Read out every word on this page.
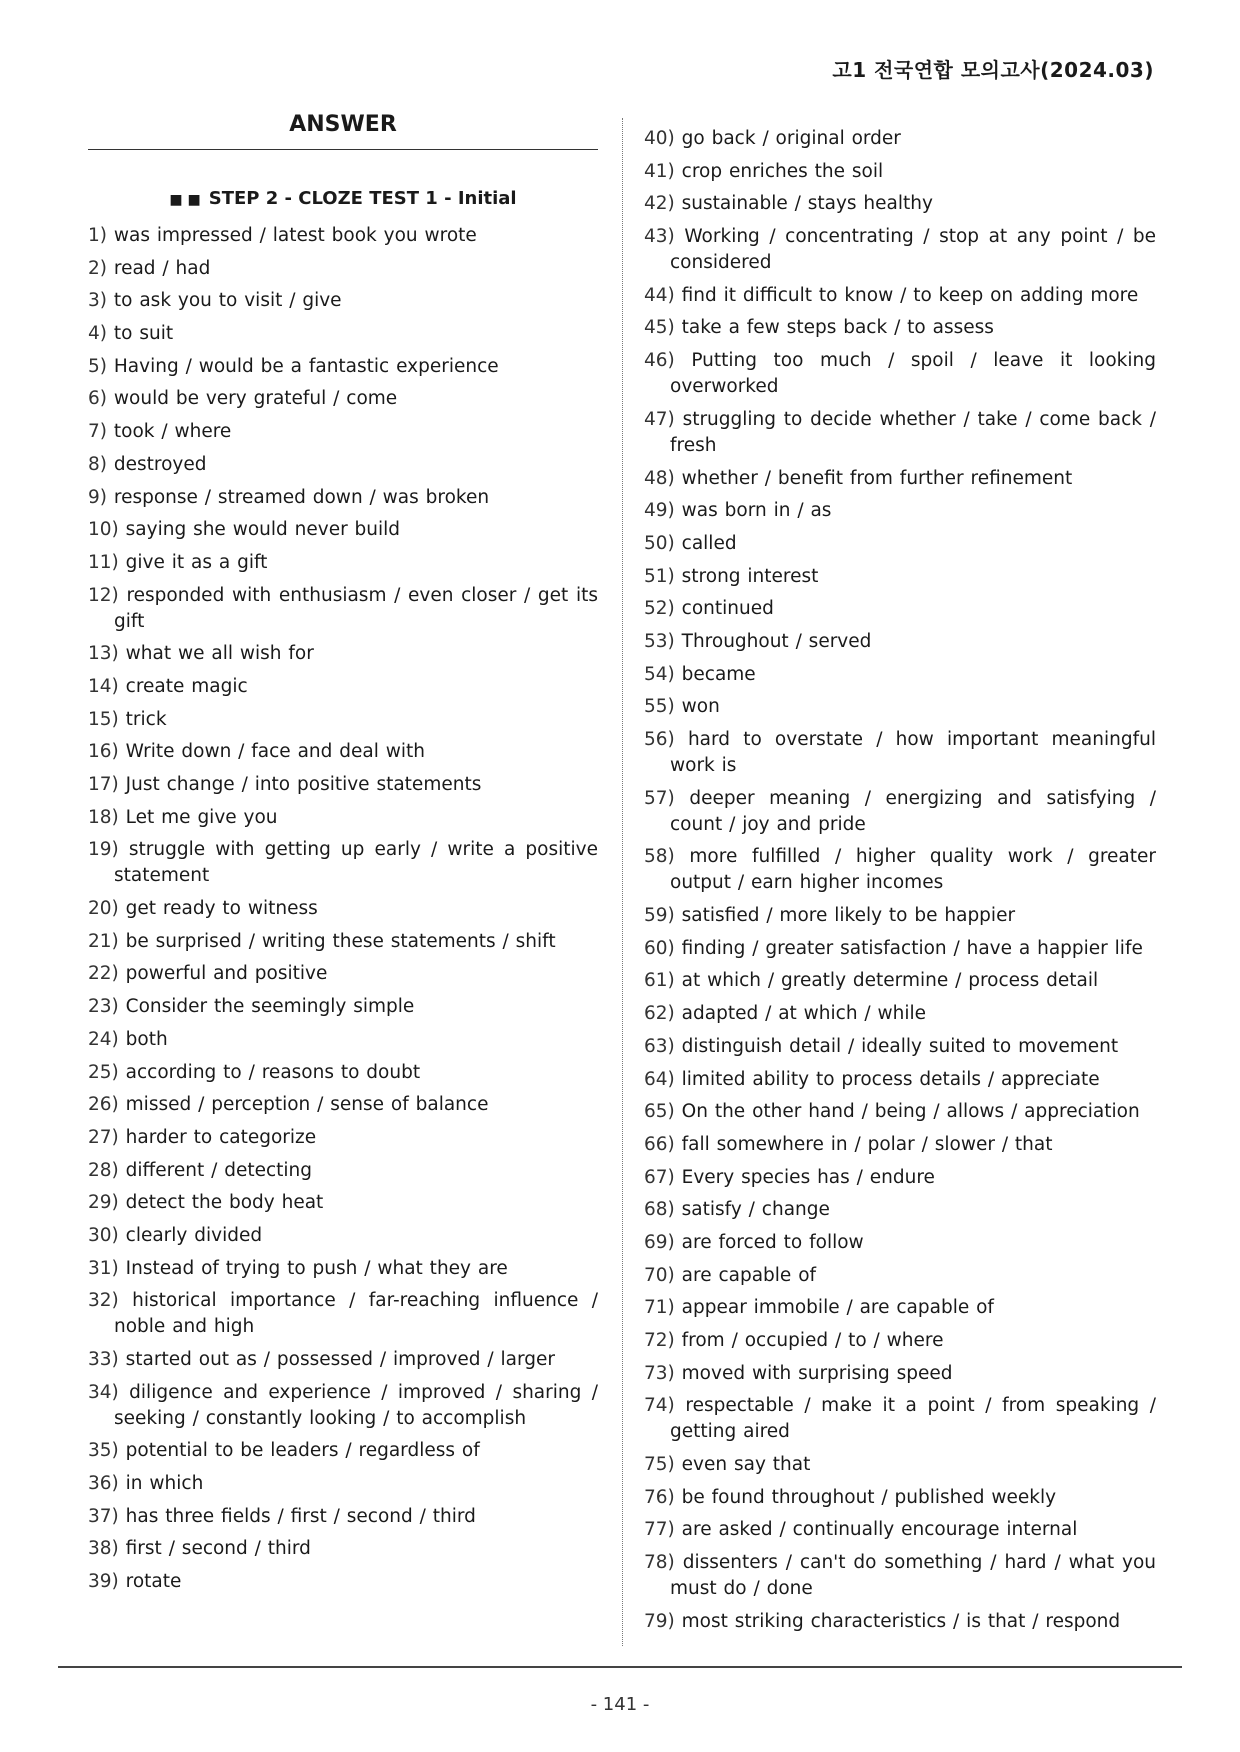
고1 전국연합 모의고사(2024.03)
ANSWER
■ ■ STEP 2 - CLOZE TEST 1 - Initial
1) was impressed / latest book you wrote
2) read / had
3) to ask you to visit / give
4) to suit
5) Having / would be a fantastic experience
6) would be very grateful / come
7) took / where
8) destroyed
9) response / streamed down / was broken
10) saying she would never build
11) give it as a gift
12) responded with enthusiasm / even closer / get its gift
13) what we all wish for
14) create magic
15) trick
16) Write down / face and deal with
17) Just change / into positive statements
18) Let me give you
19) struggle with getting up early / write a positive statement
20) get ready to witness
21) be surprised / writing these statements / shift
22) powerful and positive
23) Consider the seemingly simple
24) both
25) according to / reasons to doubt
26) missed / perception / sense of balance
27) harder to categorize
28) different / detecting
29) detect the body heat
30) clearly divided
31) Instead of trying to push / what they are
32) historical importance / far-reaching influence / noble and high
33) started out as / possessed / improved / larger
34) diligence and experience / improved / sharing / seeking / constantly looking / to accomplish
35) potential to be leaders / regardless of
36) in which
37) has three fields / first / second / third
38) first / second / third
39) rotate
40) go back / original order
41) crop enriches the soil
42) sustainable / stays healthy
43) Working / concentrating / stop at any point / be considered
44) find it difficult to know / to keep on adding more
45) take a few steps back / to assess
46) Putting too much / spoil / leave it looking overworked
47) struggling to decide whether / take / come back / fresh
48) whether / benefit from further refinement
49) was born in / as
50) called
51) strong interest
52) continued
53) Throughout / served
54) became
55) won
56) hard to overstate / how important meaningful work is
57) deeper meaning / energizing and satisfying / count / joy and pride
58) more fulfilled / higher quality work / greater output / earn higher incomes
59) satisfied / more likely to be happier
60) finding / greater satisfaction / have a happier life
61) at which / greatly determine / process detail
62) adapted / at which / while
63) distinguish detail / ideally suited to movement
64) limited ability to process details / appreciate
65) On the other hand / being / allows / appreciation
66) fall somewhere in / polar / slower / that
67) Every species has / endure
68) satisfy / change
69) are forced to follow
70) are capable of
71) appear immobile / are capable of
72) from / occupied / to / where
73) moved with surprising speed
74) respectable / make it a point / from speaking / getting aired
75) even say that
76) be found throughout / published weekly
77) are asked / continually encourage internal
78) dissenters / can't do something / hard / what you must do / done
79) most striking characteristics / is that / respond
- 141 -
